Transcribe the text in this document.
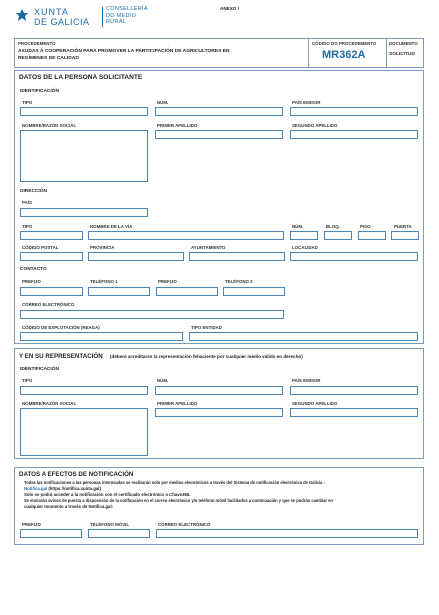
XUNTA
DE GALICIA
CONSELLERÍA
DO MEDIO
RURAL
ANEXO I
PROCEDEMENTO
AXUDAS Á COOPERACIÓN PARA PROMOVER LA PARTICIPACIÓN DE AGRICULTORES EN
REGÍMENES DE CALIDAD
CÓDIGO DO PROCEDEMENTO
MR362A
DOCUMENTO
SOLICITUD
DATOS DE LA PERSONA SOLICITANTE
IDENTIFICACIÓN
TIPO	NÚM.	PAÍS EMISOR
NOMBRE/RAZÓN SOCIAL	PRIMER APELLIDO	SEGUNDO APELLIDO
DIRECCIÓN
PAÍS
TIPO	NOMBRE DE LA VÍA	NÚM.	BLOQ.	PISO	PUERTA
CÓDIGO POSTAL	PROVINCIA	AYUNTAMIENTO	LOCALIDAD
CONTACTO
PREFIJO	TELÉFONO 1	PREFIJO	TELÉFONO 2
CORREO ELECTRÓNICO
CÓDIGO DE EXPLOTACIÓN (REAGA)	TIPO ENTIDAD
Y EN SU REPRESENTACIÓN (deberá acreditarse la representación fehaciente por cualquier medio válido en derecho)
IDENTIFICACIÓN
TIPO	NÚM.	PAÍS EMISOR
NOMBRE/RAZÓN SOCIAL	PRIMER APELLIDO	SEGUNDO APELLIDO
DATOS A EFECTOS DE NOTIFICACIÓN
Todas las notificaciones a las personas interesadas se realizarán solo por medios electrónicos a través del Sistema de notificación electrónica de Galicia -
Notifica.gal (https://notifica.xunta.gal)
Solo se podrá acceder a la notificación con el certificado electrónico o Chave365.
Se enviarán avisos de puesta a disposición de la notificación en el correo electrónico y/o teléfono móvil facilitados a continuación y que se podrán cambiar en
cualquier momento a través de Notifica.gal:
PREFIJO	TELÉFONO MÓVIL	CORREO ELECTRÓNICO
